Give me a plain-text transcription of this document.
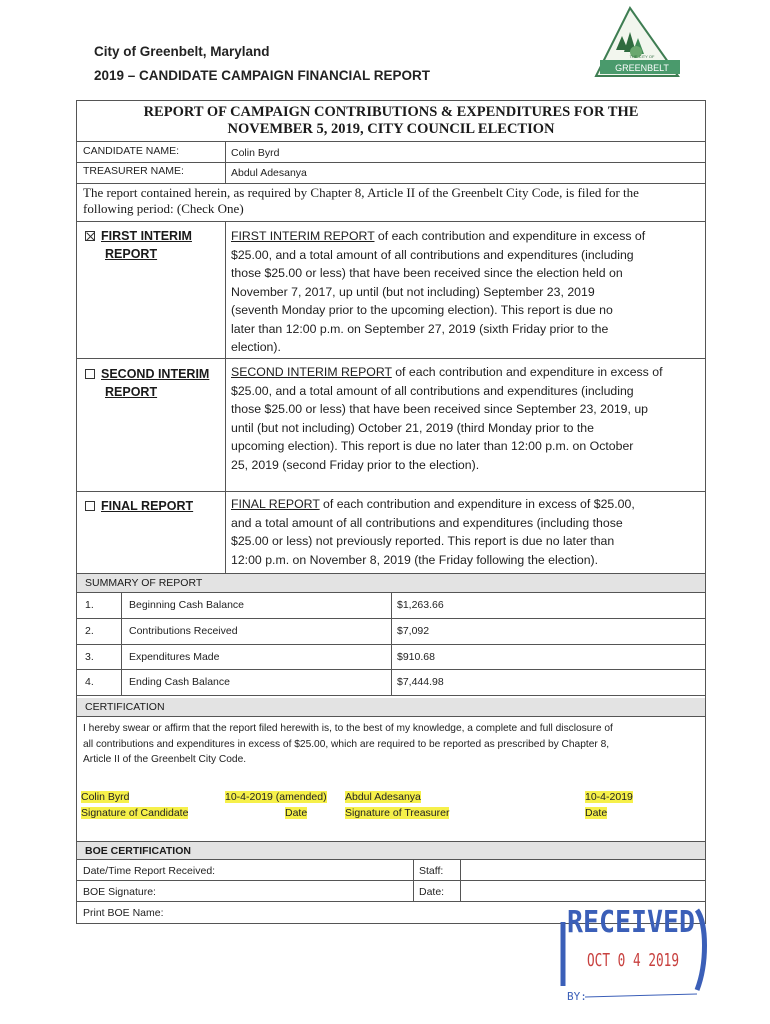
City of Greenbelt, Maryland
2019 – CANDIDATE CAMPAIGN FINANCIAL REPORT
THE CITY OF
GREENBELT
REPORT OF CAMPAIGN CONTRIBUTIONS & EXPENDITURES FOR THE
NOVEMBER 5, 2019, CITY COUNCIL ELECTION
CANDIDATE NAME:	Colin Byrd
TREASURER NAME:	Abdul Adesanya
The report contained herein, as required by Chapter 8, Article II of the Greenbelt City Code, is filed for the
following period: (Check One)
FIRST INTERIM
REPORT
FIRST INTERIM REPORT of each contribution and expenditure in excess of
$25.00, and a total amount of all contributions and expenditures (including
those $25.00 or less) that have been received since the election held on
November 7, 2017, up until (but not including) September 23, 2019
(seventh Monday prior to the upcoming election). This report is due no
later than 12:00 p.m. on September 27, 2019 (sixth Friday prior to the
election).
SECOND INTERIM
REPORT
SECOND INTERIM REPORT of each contribution and expenditure in excess of
$25.00, and a total amount of all contributions and expenditures (including
those $25.00 or less) that have been received since September 23, 2019, up
until (but not including) October 21, 2019 (third Monday prior to the
upcoming election). This report is due no later than 12:00 p.m. on October
25, 2019 (second Friday prior to the election).
FINAL REPORT	FINAL REPORT of each contribution and expenditure in excess of $25.00,
and a total amount of all contributions and expenditures (including those
$25.00 or less) not previously reported. This report is due no later than
12:00 p.m. on November 8, 2019 (the Friday following the election).
SUMMARY OF REPORT
1.	Beginning Cash Balance	$1,263.66
2.	Contributions Received	$7,092
3.	Expenditures Made	$910.68
4.	Ending Cash Balance	$7,444.98
CERTIFICATION
I hereby swear or affirm that the report filed herewith is, to the best of my knowledge, a complete and full disclosure of
all contributions and expenditures in excess of $25.00, which are required to be reported as prescribed by Chapter 8,
Article II of the Greenbelt City Code.
Colin Byrd	10-4-2019 (amended) Abdul Adesanya	10-4-2019
Signature of Candidate	Date	Signature of Treasurer	Date
BOE CERTIFICATION
Date/Time Report Received:	Staff:
BOE Signature:	Date:
Print BOE Name:	RECEIVED
OCT 0 4 2019
BY:
